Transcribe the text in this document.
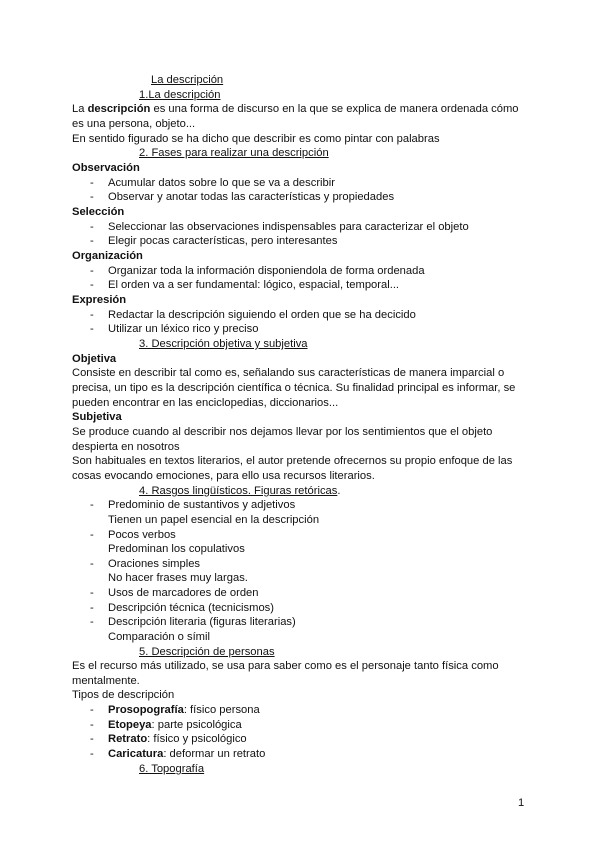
La descripción
1.La descripción
La descripción es una forma de discurso en la que se explica de manera ordenada cómo
es una persona, objeto...
En sentido figurado se ha dicho que describir es como pintar con palabras
2. Fases para realizar una descripción
Observación
- Acumular datos sobre lo que se va a describir
- Observar y anotar todas las características y propiedades
Selección
- Seleccionar las observaciones indispensables para caracterizar el objeto
- Elegir pocas características, pero interesantes
Organización
- Organizar toda la información disponiendola de forma ordenada
- El orden va a ser fundamental: lógico, espacial, temporal...
Expresión
- Redactar la descripción siguiendo el orden que se ha decicido
- Utilizar un léxico rico y preciso
3. Descripción objetiva y subjetiva
Objetiva
Consiste en describir tal como es, señalando sus características de manera imparcial o
precisa, un tipo es la descripción científica o técnica. Su finalidad principal es informar, se
pueden encontrar en las enciclopedias, diccionarios...
Subjetiva
Se produce cuando al describir nos dejamos llevar por los sentimientos que el objeto
despierta en nosotros
Son habituales en textos literarios, el autor pretende ofrecernos su propio enfoque de las
cosas evocando emociones, para ello usa recursos literarios.
4. Rasgos lingüísticos. Figuras retóricas.
- Predominio de sustantivos y adjetivos
Tienen un papel esencial en la descripción
- Pocos verbos
Predominan los copulativos
- Oraciones simples
No hacer frases muy largas.
- Usos de marcadores de orden
- Descripción técnica (tecnicismos)
- Descripción literaria (figuras literarias)
Comparación o símil
5. Descripción de personas
Es el recurso más utilizado, se usa para saber como es el personaje tanto física como
mentalmente.
Tipos de descripción
- Prosopografía: físico persona
- Etopeya: parte psicológica
- Retrato: físico y psicológico
- Caricatura: deformar un retrato
6. Topografía
1
